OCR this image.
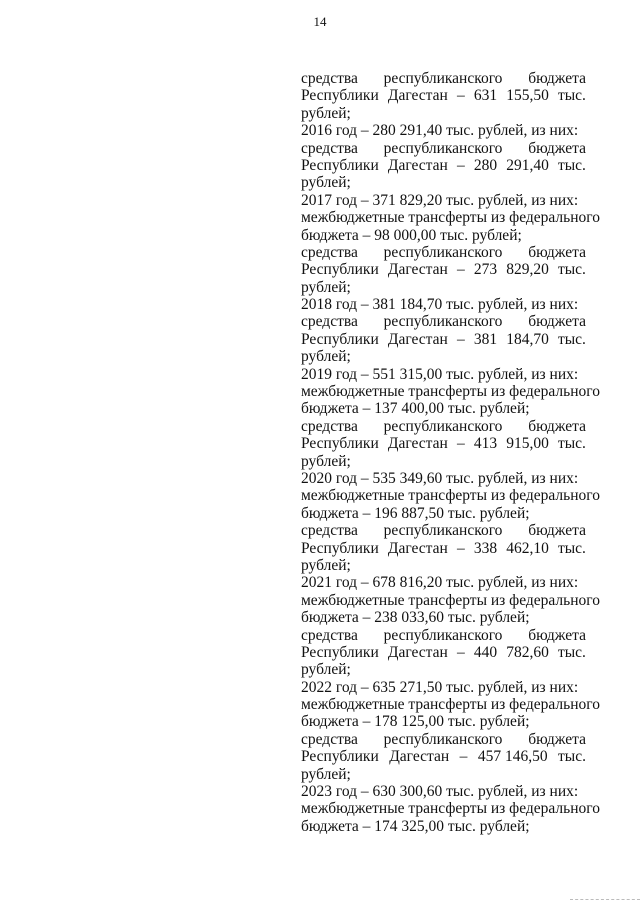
14
средства республиканского бюджета
Республики Дагестан – 631 155,50 тыс.
рублей;
2016 год – 280 291,40 тыс. рублей, из них:
средства республиканского бюджета
Республики Дагестан – 280 291,40 тыс.
рублей;
2017 год – 371 829,20 тыс. рублей, из них:
межбюджетные трансферты из федерального
бюджета – 98 000,00 тыс. рублей;
средства республиканского бюджета
Республики Дагестан – 273 829,20 тыс.
рублей;
2018 год – 381 184,70 тыс. рублей, из них:
средства республиканского бюджета
Республики Дагестан – 381 184,70 тыс.
рублей;
2019 год – 551 315,00 тыс. рублей, из них:
межбюджетные трансферты из федерального
бюджета – 137 400,00 тыс. рублей;
средства республиканского бюджета
Республики Дагестан – 413 915,00 тыс.
рублей;
2020 год – 535 349,60 тыс. рублей, из них:
межбюджетные трансферты из федерального
бюджета – 196 887,50 тыс. рублей;
средства республиканского бюджета
Республики Дагестан – 338 462,10 тыс.
рублей;
2021 год – 678 816,20 тыс. рублей, из них:
межбюджетные трансферты из федерального
бюджета – 238 033,60 тыс. рублей;
средства республиканского бюджета
Республики Дагестан – 440 782,60 тыс.
рублей;
2022 год – 635 271,50 тыс. рублей, из них:
межбюджетные трансферты из федерального
бюджета – 178 125,00 тыс. рублей;
средства республиканского бюджета
Республики Дагестан – 457 146,50 тыс.
рублей;
2023 год – 630 300,60 тыс. рублей, из них:
межбюджетные трансферты из федерального
бюджета – 174 325,00 тыс. рублей;
